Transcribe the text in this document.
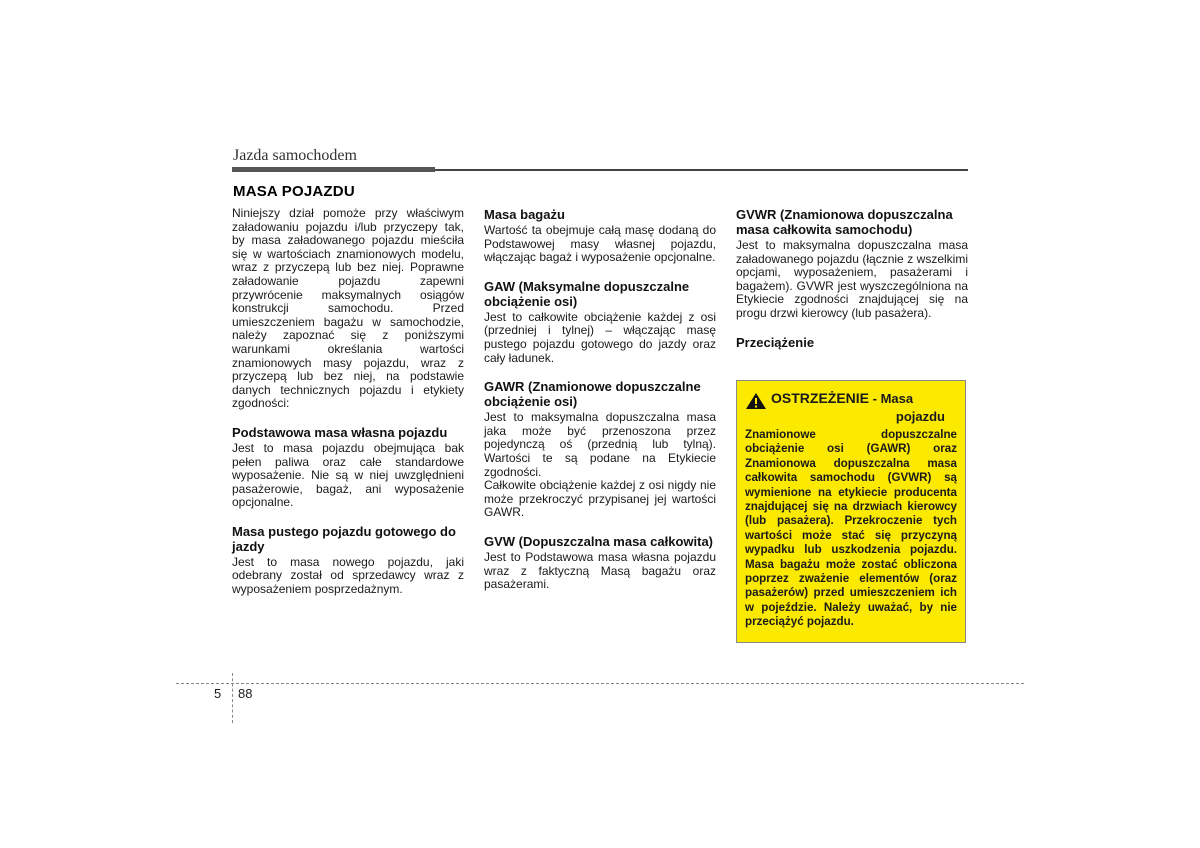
Jazda samochodem
MASA POJAZDU

Niniejszy dział pomoże przy właściwym załadowaniu pojazdu i/lub przyczepy tak, by masa załadowanego pojazdu mieściła się w wartościach znamionowych modelu, wraz z przyczepą lub bez niej. Poprawne załadowanie pojazdu zapewni przywrócenie maksymalnych osiągów konstrukcji samochodu. Przed umieszczeniem bagażu w samochodzie, należy zapoznać się z poniższymi warunkami określania wartości znamionowych masy pojazdu, wraz z przyczepą lub bez niej, na podstawie danych technicznych pojazdu i etykiety zgodności:

Podstawowa masa własna pojazdu

Jest to masa pojazdu obejmująca bak pełen paliwa oraz całe standardowe wyposażenie. Nie są w niej uwzględnieni pasażerowie, bagaż, ani wyposażenie opcjonalne.

Masa pustego pojazdu gotowego do jazdy

Jest to masa nowego pojazdu, jaki odebrany został od sprzedawcy wraz z wyposażeniem posprzedażnym.

Masa bagażu

Wartość ta obejmuje całą masę dodaną do Podstawowej masy własnej pojazdu, włączając bagaż i wyposażenie opcjonalne.

GAW (Maksymalne dopuszczalne obciążenie osi)

Jest to całkowite obciążenie każdej z osi (przedniej i tylnej) – włączając masę pustego pojazdu gotowego do jazdy oraz cały ładunek.

GAWR (Znamionowe dopuszczalne obciążenie osi)

Jest to maksymalna dopuszczalna masa jaka może być przenoszona przez pojedynczą oś (przednią lub tylną). Wartości te są podane na Etykiecie zgodności.

Całkowite obciążenie każdej z osi nigdy nie może przekroczyć przypisanej jej wartości GAWR.

GVW (Dopuszczalna masa całkowita)

Jest to Podstawowa masa własna pojazdu wraz z faktyczną Masą bagażu oraz pasażerami.

GVWR (Znamionowa dopuszczalna masa całkowita samochodu)

Jest to maksymalna dopuszczalna masa załadowanego pojazdu (łącznie z wszelkimi opcjami, wyposażeniem, pasażerami i bagażem). GVWR jest wyszczególniona na Etykiecie zgodności znajdującej się na progu drzwi kierowcy (lub pasażera).

Przeciążenie

OSTRZEŻENIE - Masa
pojazdu
Znamionowe dopuszczalne obciążenie osi (GAWR) oraz Znamionowa dopuszczalna masa całkowita samochodu (GVWR) są wymienione na etykiecie producenta znajdującej się na drzwiach kierowcy (lub pasażera). Przekroczenie tych wartości może stać się przyczyną wypadku lub uszkodzenia pojazdu. Masa bagażu może zostać obliczona poprzez zważenie elementów (oraz pasażerów) przed umieszczeniem ich w pojeździe. Należy uważać, by nie przeciążyć pojazdu.
5 88
